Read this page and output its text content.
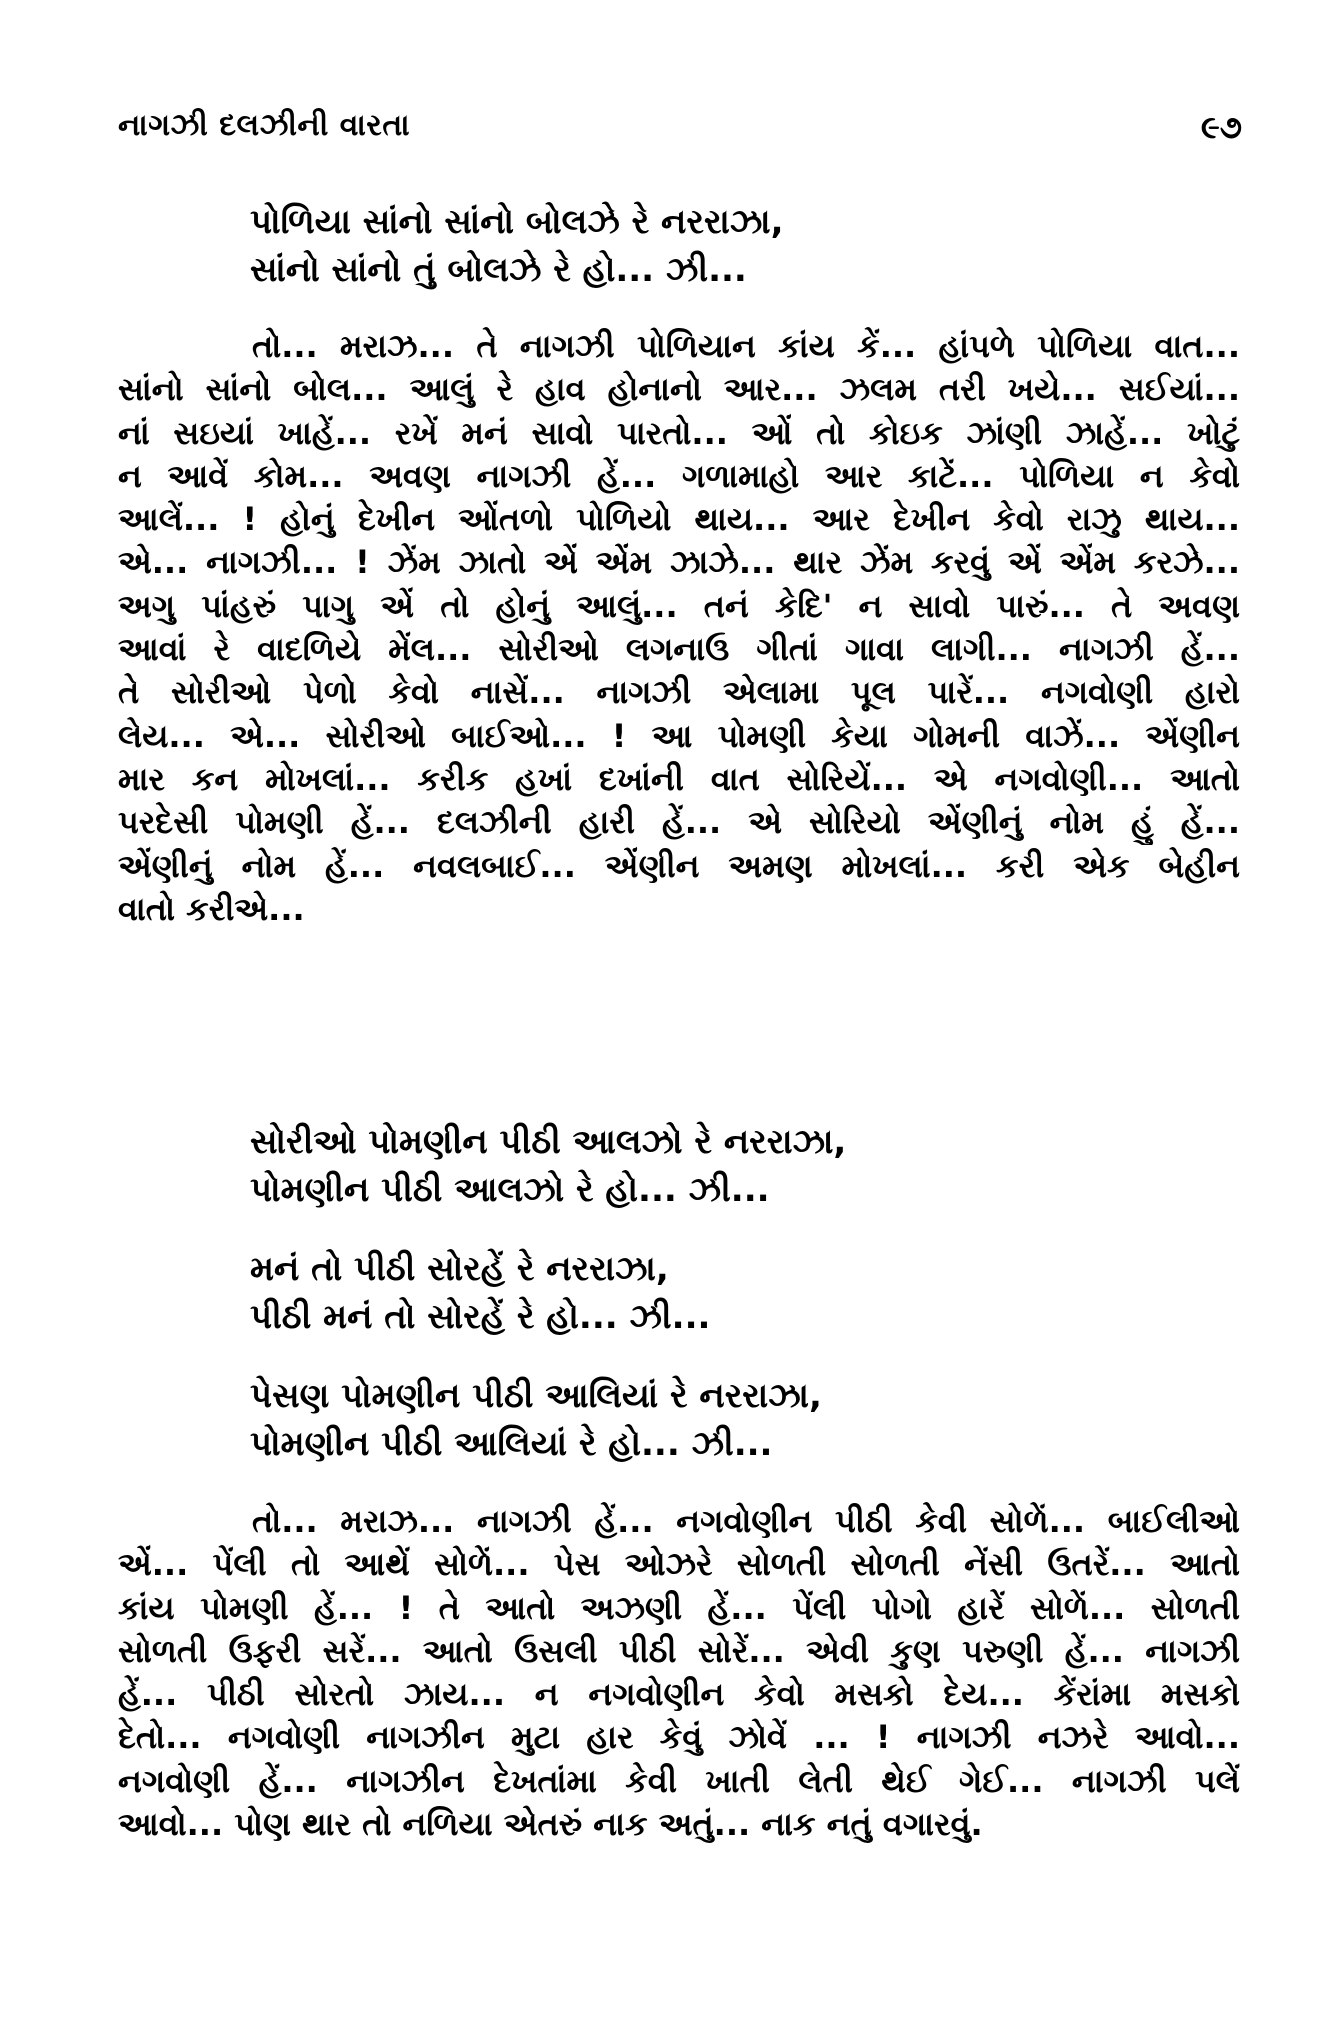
નાગઝી દલઝીની વારતા	૯૭
પોળિયા સાંનો સાંનો બોલઝે રે નરરાઝા,
સાંનો સાંનો તું બોલઝે રે હો... ઝી...
તો... મરાઝ... તે નાગઝી પોળિયાન કાંય કેં... હાંપળે પોળિયા વાત...
સાંનો સાંનો બોલ... આલું રે હાવ હોનાનો આર... ઝલમ તરી ખયે... સઈયાં...
નાં સઇયાં ખાહેં... રખેં મનં સાવો પારતો... ઓં તો કોઇક ઝાંણી ઝાહેં... ખોટું
ન આવેં કોમ... અવણ નાગઝી હેં... ગળામાહો આર કાટેં... પોળિયા ન કેવો
આલેં... ! હોનું દેખીન ઓંતળો પોળિયો થાય... આર દેખીન કેવો રાઝુ થાય...
એ... નાગઝી... ! ઝેંમ ઝાતો એં એંમ ઝાઝે... થાર ઝેંમ કરવું એં એંમ કરઝે...
અગુ પાંહરું પાગુ એં તો હોનું આલું... તનં કેદિ' ન સાવો પારું... તે અવણ
આવાં રે વાદળિયે મેંલ... સોરીઓ લગનાઉ ગીતાં ગાવા લાગી... નાગઝી હેં...
તે સોરીઓ પેળો કેવો નાસેં... નાગઝી એલામા પૂલ પારેં... નગવોણી હારો
લેય... એ... સોરીઓ બાઈઓ... ! આ પોમણી કેયા ગોમની વાઝેં... એંણીન
માર કન મોખલાં... કરીક હખાં દખાંની વાત સોરિયેં... એ નગવોણી... આતો
પરદેસી પોમણી હેં... દલઝીની હારી હેં... એ સોરિયો એંણીનું નોમ હું હેં...
એંણીનું નોમ હેં... નવલબાઈ... એંણીન અમણ મોખલાં... કરી એક બેહીન
વાતો કરીએ...
સોરીઓ પોમણીન પીઠી આલઝો રે નરરાઝા,
પોમણીન પીઠી આલઝો રે હો... ઝી...
મનં તો પીઠી સોરહેં રે નરરાઝા,
પીઠી મનં તો સોરહેં રે હો... ઝી...
પેસણ પોમણીન પીઠી આલિયાં રે નરરાઝા,
પોમણીન પીઠી આલિયાં રે હો... ઝી...
તો... મરાઝ... નાગઝી હેં... નગવોણીન પીઠી કેવી સોળેં... બાઈલીઓ
એં... પેંલી તો આથેં સોળેં... પેસ ઓઝરે સોળતી સોળતી નેંસી ઉતરેં... આતો
કાંય પોમણી હેં... ! તે આતો અઝણી હેં... પેંલી પોગો હારેં સોળેં... સોળતી
સોળતી ઉફરી સરેં... આતો ઉસલી પીઠી સોરેં... એવી કુણ પરુણી હેં... નાગઝી
હેં... પીઠી સોરતો ઝાય... ન નગવોણીન કેવો મસકો દેય... કેંરાંમા મસકો
દેતો... નગવોણી નાગઝીન મુટા હાર કેવું ઝોવેં ... ! નાગઝી નઝરે આવો...
નગવોણી હેં... નાગઝીન દેખતાંમા કેવી ખાતી લેતી થેઈ ગેઈ... નાગઝી પલેં
આવો... પોણ થાર તો નળિયા એતરું નાક અતું... નાક નતું વગારવું.
